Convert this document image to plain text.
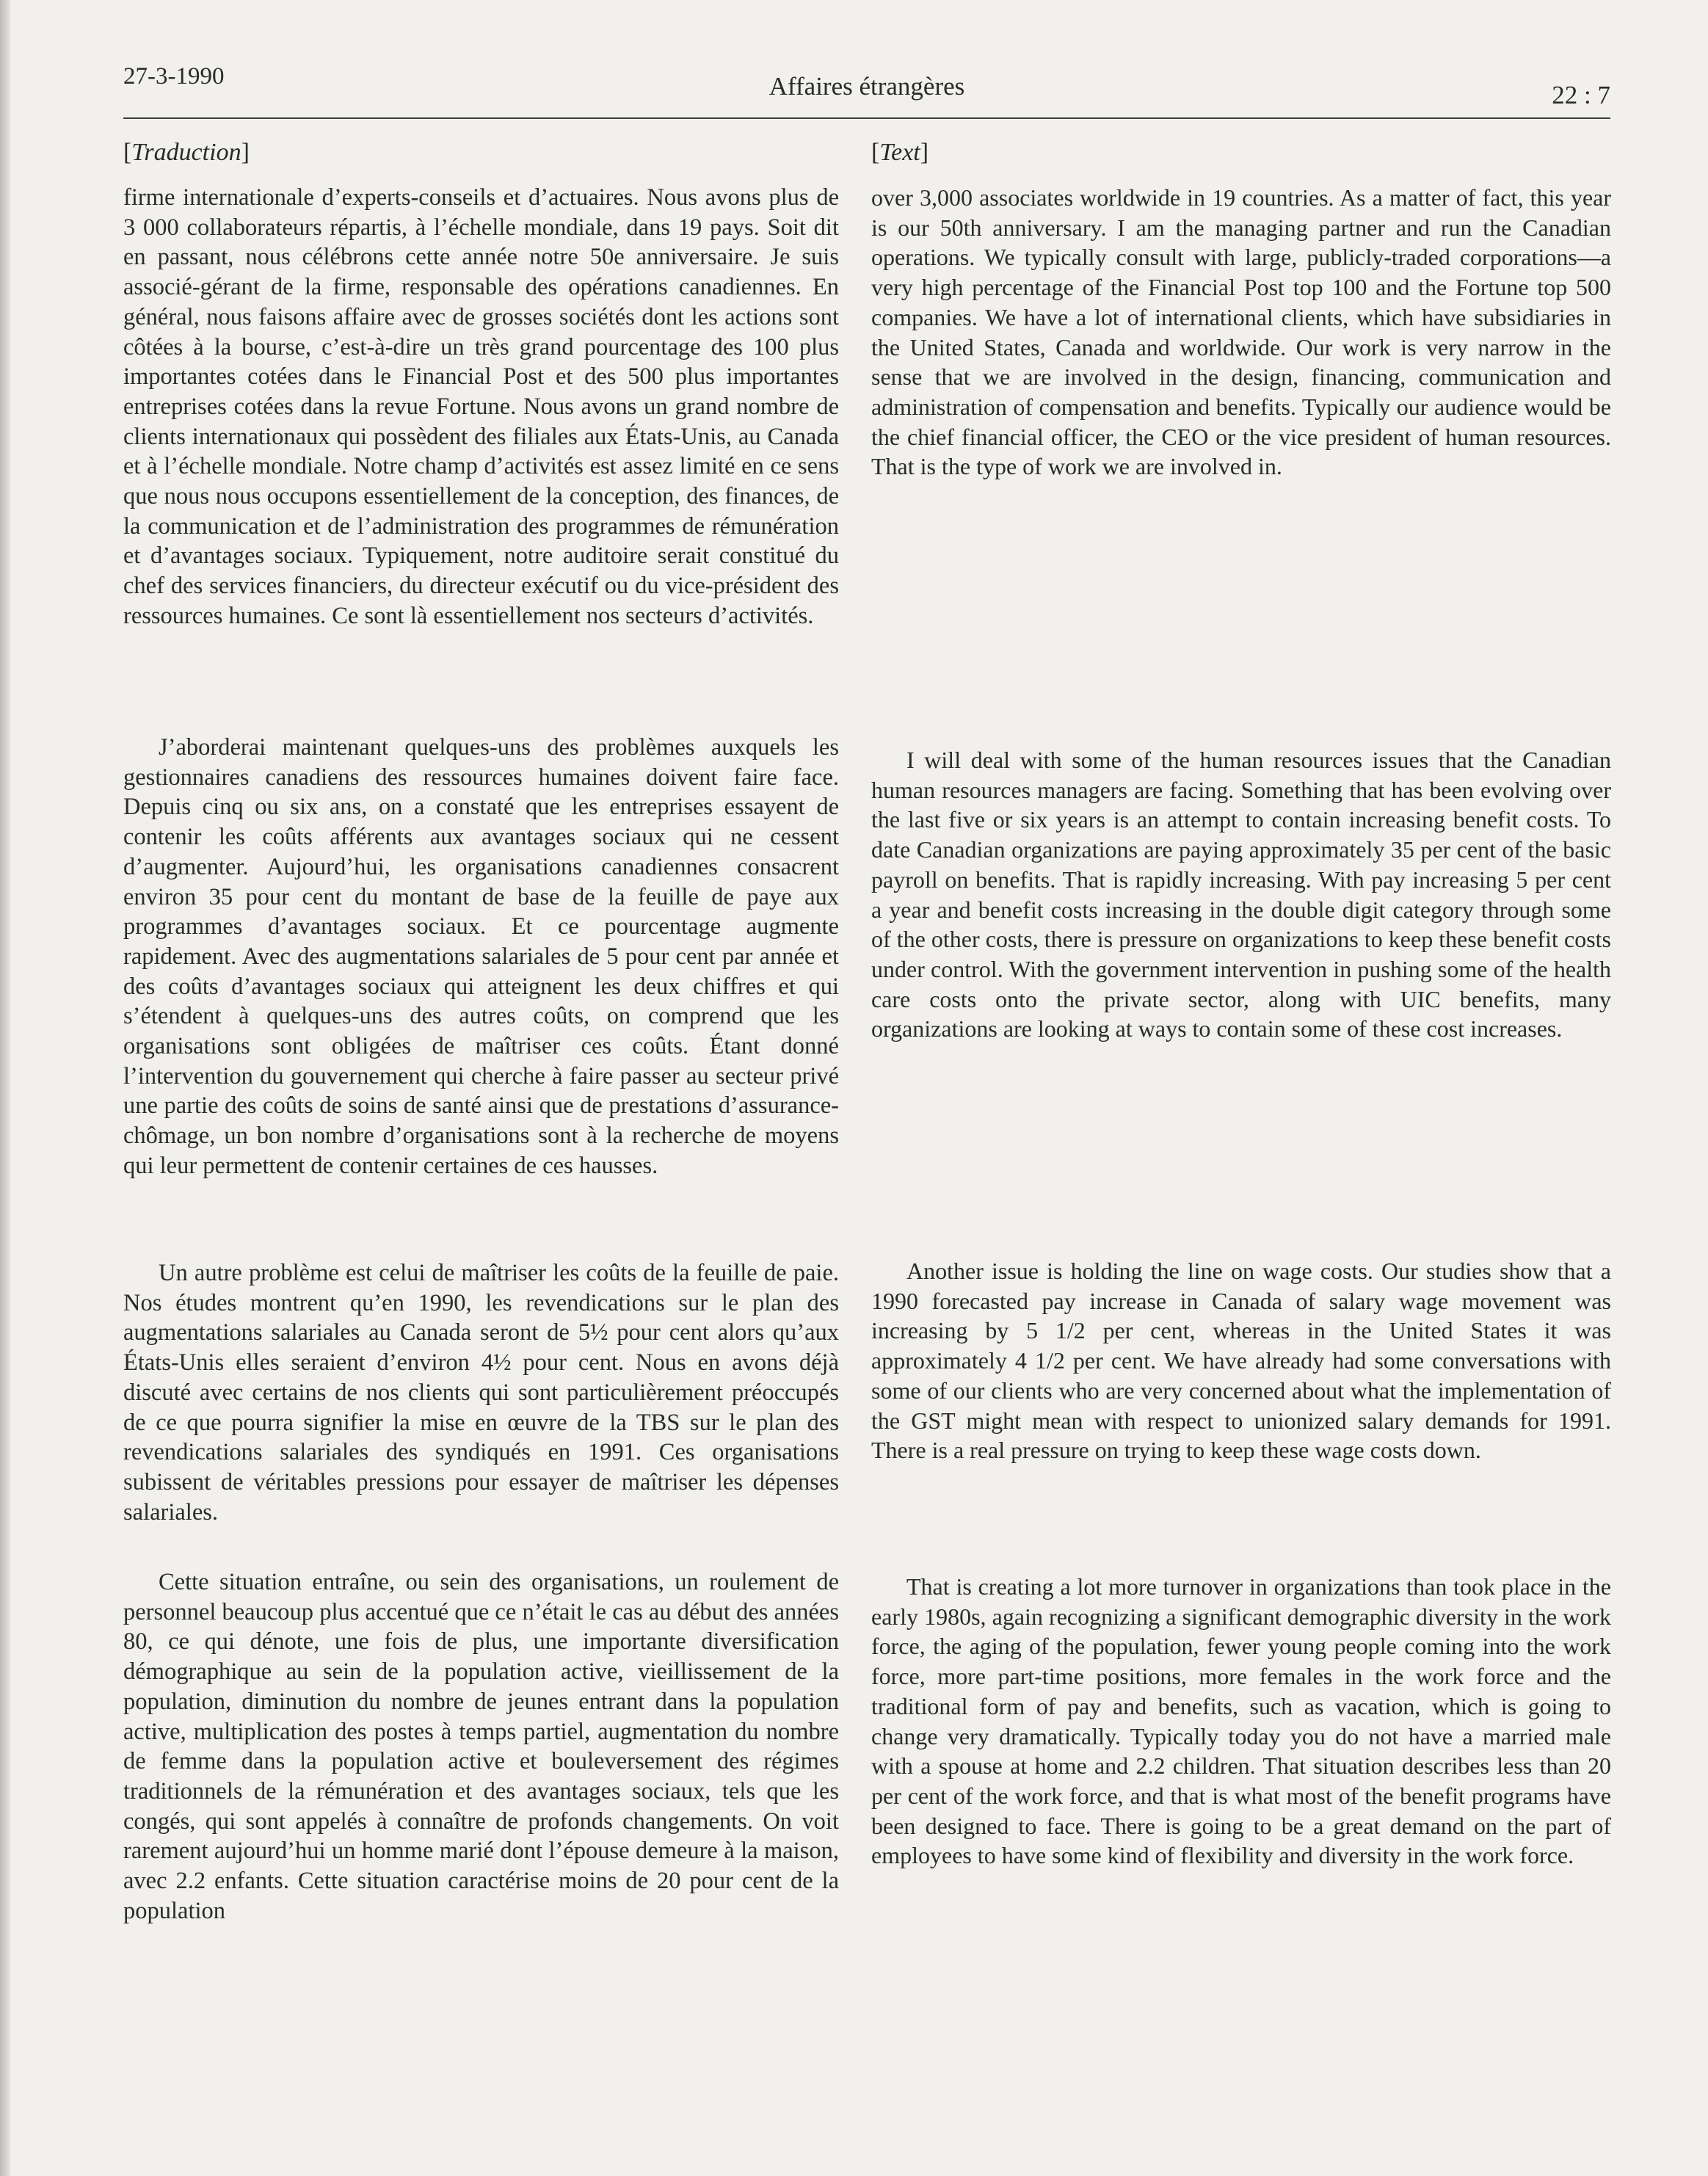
27-3-1990	Affaires étrangères	22 : 7
[Traduction]

firme internationale d’experts-conseils et d’actuaires. Nous avons plus de 3 000 collaborateurs répartis, à l’échelle mondiale, dans 19 pays. Soit dit en passant, nous célébrons cette année notre 50e anniversaire. Je suis associé-gérant de la firme, responsable des opérations canadiennes. En général, nous faisons affaire avec de grosses sociétés dont les actions sont côtées à la bourse, c’est-à-dire un très grand pourcentage des 100 plus importantes cotées dans le Financial Post et des 500 plus importantes entreprises cotées dans la revue Fortune. Nous avons un grand nombre de clients internationaux qui possèdent des filiales aux États-Unis, au Canada et à l’échelle mondiale. Notre champ d’activités est assez limité en ce sens que nous nous occupons essentiellement de la conception, des finances, de la communication et de l’administration des programmes de rémunération et d’avantages sociaux. Typiquement, notre auditoire serait constitué du chef des services financiers, du directeur exécutif ou du vice-président des ressources humaines. Ce sont là essentiellement nos secteurs d’activités.

J’aborderai maintenant quelques-uns des problèmes auxquels les gestionnaires canadiens des ressources humaines doivent faire face. Depuis cinq ou six ans, on a constaté que les entreprises essayent de contenir les coûts afférents aux avantages sociaux qui ne cessent d’augmenter. Aujourd’hui, les organisations canadiennes consacrent environ 35 pour cent du montant de base de la feuille de paye aux programmes d’avantages sociaux. Et ce pourcentage augmente rapidement. Avec des augmentations salariales de 5 pour cent par année et des coûts d’avantages sociaux qui atteignent les deux chiffres et qui s’étendent à quelques-uns des autres coûts, on comprend que les organisations sont obligées de maîtriser ces coûts. Étant donné l’intervention du gouvernement qui cherche à faire passer au secteur privé une partie des coûts de soins de santé ainsi que de prestations d’assurance-chômage, un bon nombre d’organisations sont à la recherche de moyens qui leur permettent de contenir certaines de ces hausses.

Un autre problème est celui de maîtriser les coûts de la feuille de paie. Nos études montrent qu’en 1990, les revendications sur le plan des augmentations salariales au Canada seront de 5½ pour cent alors qu’aux États-Unis elles seraient d’environ 4½ pour cent. Nous en avons déjà discuté avec certains de nos clients qui sont particulièrement préoccupés de ce que pourra signifier la mise en œuvre de la TBS sur le plan des revendications salariales des syndiqués en 1991. Ces organisations subissent de véritables pressions pour essayer de maîtriser les dépenses salariales.

Cette situation entraîne, ou sein des organisations, un roulement de personnel beaucoup plus accentué que ce n’était le cas au début des années 80, ce qui dénote, une fois de plus, une importante diversification démographique au sein de la population active, vieillissement de la population, diminution du nombre de jeunes entrant dans la population active, multiplication des postes à temps partiel, augmentation du nombre de femme dans la population active et bouleversement des régimes traditionnels de la rémunération et des avantages sociaux, tels que les congés, qui sont appelés à connaître de profonds changements. On voit rarement aujourd’hui un homme marié dont l’épouse demeure à la maison, avec 2.2 enfants. Cette situation caractérise moins de 20 pour cent de la population

[Text]

over 3,000 associates worldwide in 19 countries. As a matter of fact, this year is our 50th anniversary. I am the managing partner and run the Canadian operations. We typically consult with large, publicly-traded corporations—a very high percentage of the Financial Post top 100 and the Fortune top 500 companies. We have a lot of international clients, which have subsidiaries in the United States, Canada and worldwide. Our work is very narrow in the sense that we are involved in the design, financing, communication and administration of compensation and benefits. Typically our audience would be the chief financial officer, the CEO or the vice president of human resources. That is the type of work we are involved in.

I will deal with some of the human resources issues that the Canadian human resources managers are facing. Something that has been evolving over the last five or six years is an attempt to contain increasing benefit costs. To date Canadian organizations are paying approximately 35 per cent of the basic payroll on benefits. That is rapidly increasing. With pay increasing 5 per cent a year and benefit costs increasing in the double digit category through some of the other costs, there is pressure on organizations to keep these benefit costs under control. With the government intervention in pushing some of the health care costs onto the private sector, along with UIC benefits, many organizations are looking at ways to contain some of these cost increases.

Another issue is holding the line on wage costs. Our studies show that a 1990 forecasted pay increase in Canada of salary wage movement was increasing by 5 1/2 per cent, whereas in the United States it was approximately 4 1/2 per cent. We have already had some conversations with some of our clients who are very concerned about what the implementation of the GST might mean with respect to unionized salary demands for 1991. There is a real pressure on trying to keep these wage costs down.

That is creating a lot more turnover in organizations than took place in the early 1980s, again recognizing a significant demographic diversity in the work force, the aging of the population, fewer young people coming into the work force, more part-time positions, more females in the work force and the traditional form of pay and benefits, such as vacation, which is going to change very dramatically. Typically today you do not have a married male with a spouse at home and 2.2 children. That situation describes less than 20 per cent of the work force, and that is what most of the benefit programs have been designed to face. There is going to be a great demand on the part of employees to have some kind of flexibility and diversity in the work force.
